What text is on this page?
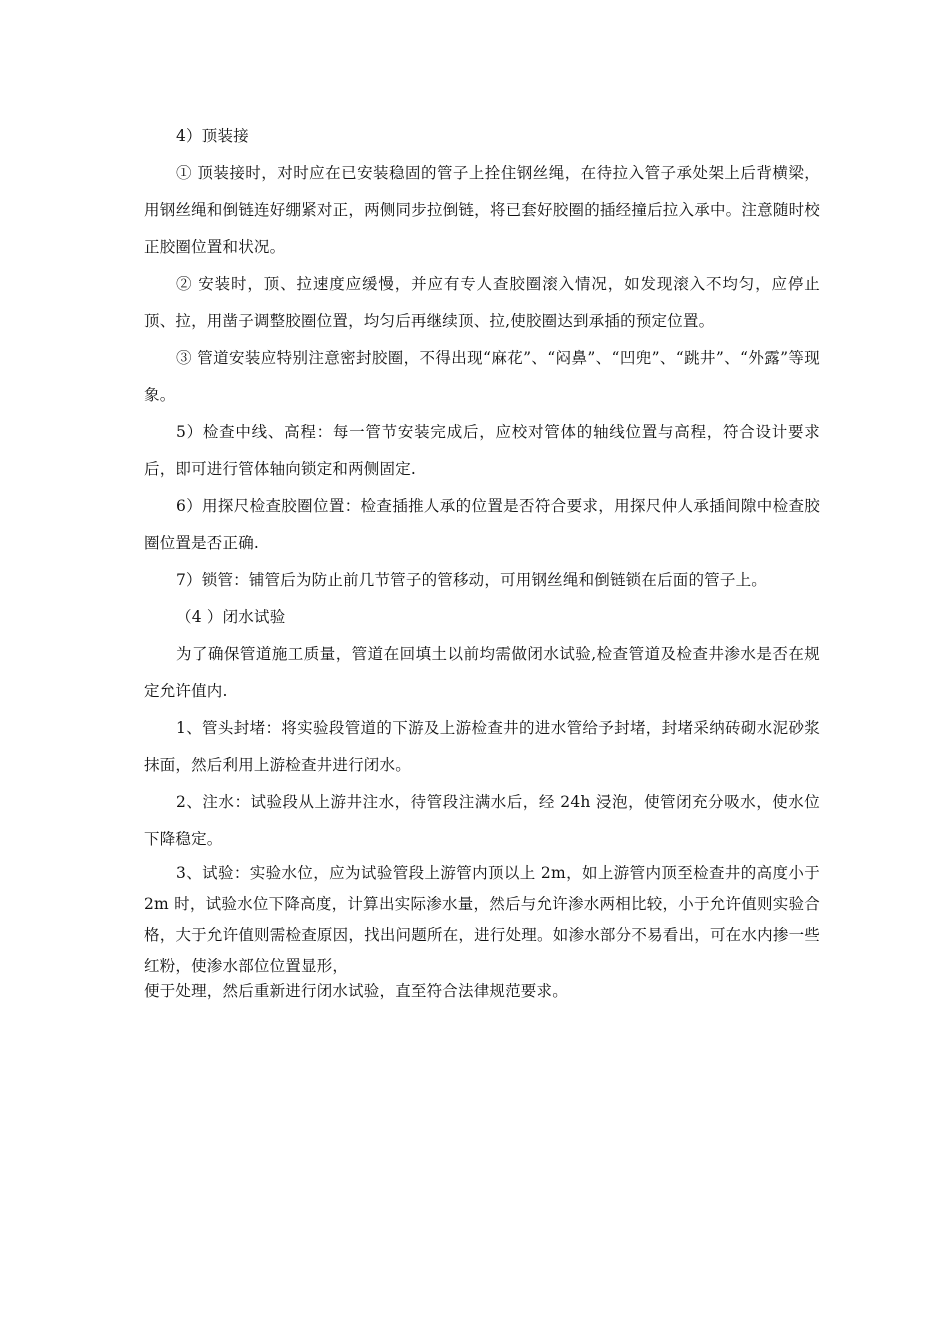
4）顶装接

① 顶装接时，对时应在已安装稳固的管子上拴住钢丝绳，在待拉入管子承处架上后背横梁，用钢丝绳和倒链连好绷紧对正，两侧同步拉倒链，将已套好胶圈的插经撞后拉入承中。注意随时校正胶圈位置和状况。

② 安装时，顶、拉速度应缓慢，并应有专人查胶圈滚入情况，如发现滚入不均匀，应停止顶、拉，用凿子调整胶圈位置，均匀后再继续顶、拉,使胶圈达到承插的预定位置。

③ 管道安装应特别注意密封胶圈，不得出现“麻花”、“闷鼻”、“凹兜”、“跳井”、“外露”等现象。

5）检查中线、高程：每一管节安装完成后，应校对管体的轴线位置与高程，符合设计要求后，即可进行管体轴向锁定和两侧固定.

6）用探尺检查胶圈位置：检查插推人承的位置是否符合要求，用探尺仲人承插间隙中检查胶圈位置是否正确.

7）锁管：铺管后为防止前几节管子的管移动，可用钢丝绳和倒链锁在后面的管子上。

（4 ）闭水试验

为了确保管道施工质量，管道在回填土以前均需做闭水试验,检查管道及检查井渗水是否在规定允许值内.

1、管头封堵：将实验段管道的下游及上游检查井的进水管给予封堵，封堵采纳砖砌水泥砂浆抹面，然后利用上游检查井进行闭水。

2、注水：试验段从上游井注水，待管段注满水后，经 24h 浸泡，使管闭充分吸水，使水位下降稳定。

3、试验：实验水位，应为试验管段上游管内顶以上 2m，如上游管内顶至检查井的高度小于 2m 时，试验水位下降高度，计算出实际渗水量，然后与允许渗水两相比较，小于允许值则实验合格，大于允许值则需检查原因，找出问题所在，进行处理。如渗水部分不易看出，可在水内掺一些红粉，使渗水部位位置显形，

便于处理，然后重新进行闭水试验，直至符合法律规范要求。
